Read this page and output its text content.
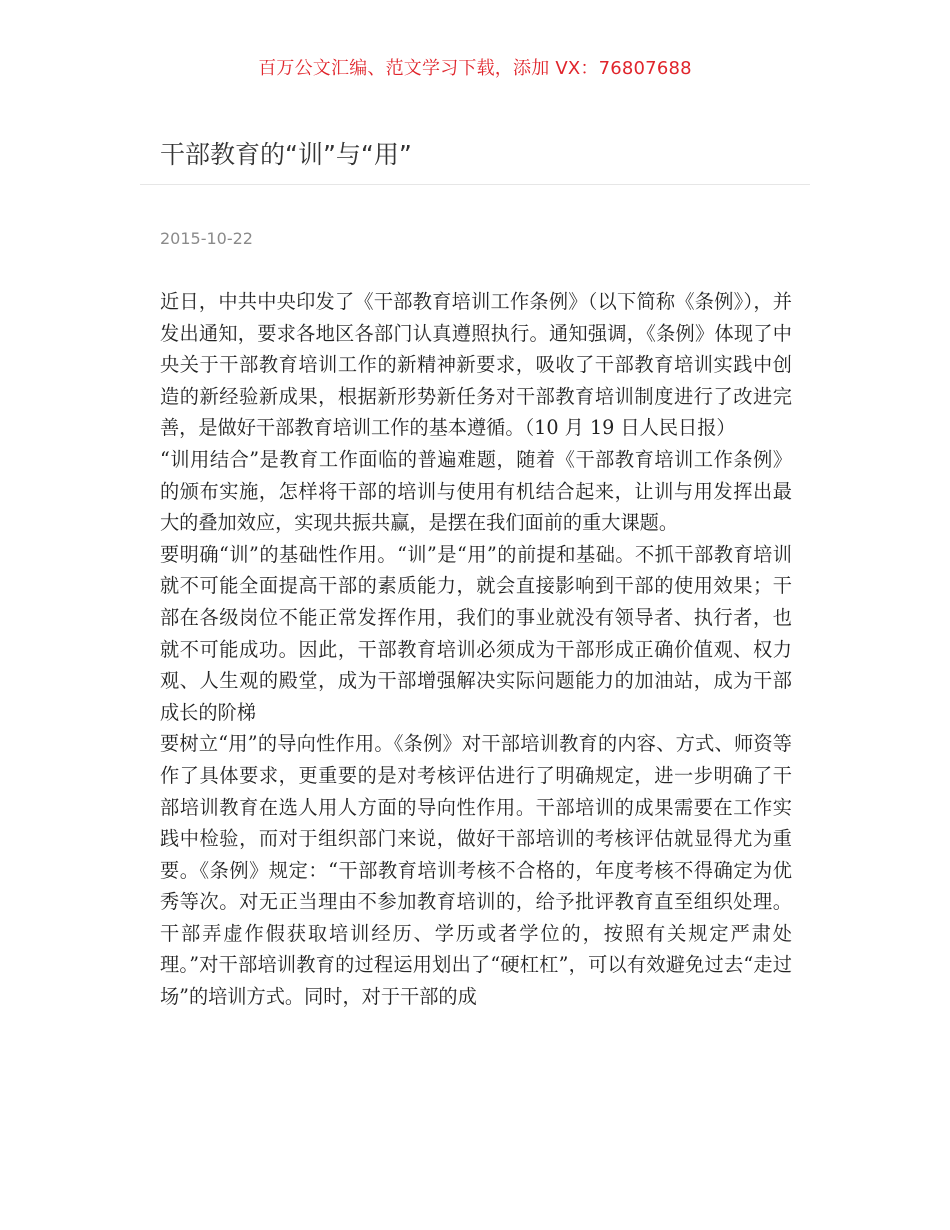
百万公文汇编、范文学习下载，添加 VX：76807688
干部教育的“训”与“用”
2015-10-22

近日，中共中央印发了《干部教育培训工作条例》（以下简称《条例》），并发出通知，要求各地区各部门认真遵照执行。通知强调，《条例》体现了中央关于干部教育培训工作的新精神新要求，吸收了干部教育培训实践中创造的新经验新成果，根据新形势新任务对干部教育培训制度进行了改进完善，是做好干部教育培训工作的基本遵循。（10 月 19 日人民日报）

“训用结合”是教育工作面临的普遍难题，随着《干部教育培训工作条例》的颁布实施，怎样将干部的培训与使用有机结合起来，让训与用发挥出最大的叠加效应，实现共振共赢，是摆在我们面前的重大课题。

要明确“训”的基础性作用。“训”是“用”的前提和基础。不抓干部教育培训就不可能全面提高干部的素质能力，就会直接影响到干部的使用效果；干部在各级岗位不能正常发挥作用，我们的事业就没有领导者、执行者，也就不可能成功。因此，干部教育培训必须成为干部形成正确价值观、权力观、人生观的殿堂，成为干部增强解决实际问题能力的加油站，成为干部成长的阶梯

要树立“用”的导向性作用。《条例》对干部培训教育的内容、方式、师资等作了具体要求，更重要的是对考核评估进行了明确规定，进一步明确了干部培训教育在选人用人方面的导向性作用。干部培训的成果需要在工作实践中检验，而对于组织部门来说，做好干部培训的考核评估就显得尤为重要。《条例》规定：“干部教育培训考核不合格的，年度考核不得确定为优秀等次。对无正当理由不参加教育培训的，给予批评教育直至组织处理。干部弄虚作假获取培训经历、学历或者学位的，按照有关规定严肃处理。”对干部培训教育的过程运用划出了“硬杠杠”，可以有效避免过去“走过场”的培训方式。同时，对于干部的成
